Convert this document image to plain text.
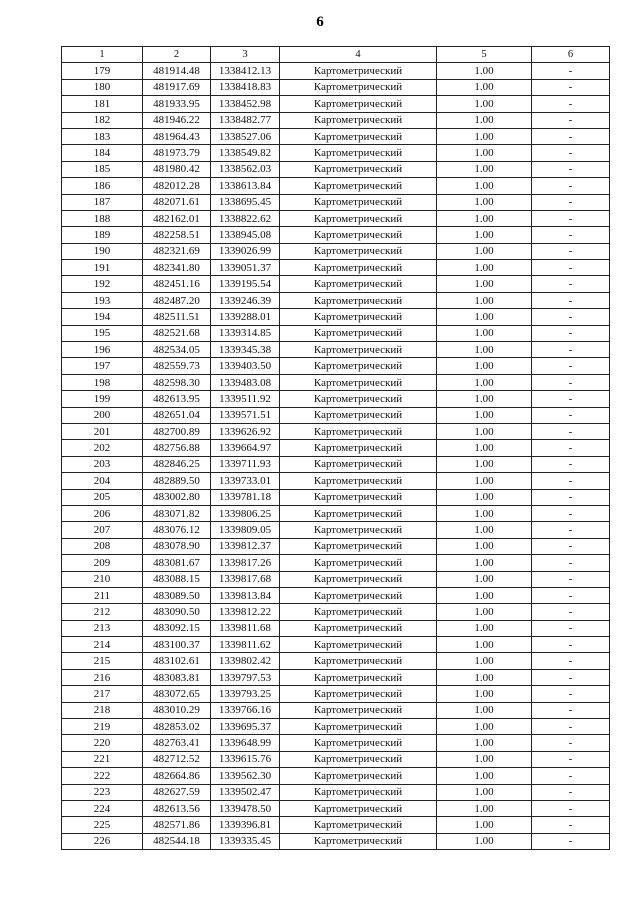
6
1	2	3	4	5	6
179	481914.48	1338412.13	Картометрический	1.00	-
180	481917.69	1338418.83	Картометрический	1.00	-
181	481933.95	1338452.98	Картометрический	1.00	-
182	481946.22	1338482.77	Картометрический	1.00	-
183	481964.43	1338527.06	Картометрический	1.00	-
184	481973.79	1338549.82	Картометрический	1.00	-
185	481980.42	1338562.03	Картометрический	1.00	-
186	482012.28	1338613.84	Картометрический	1.00	-
187	482071.61	1338695.45	Картометрический	1.00	-
188	482162.01	1338822.62	Картометрический	1.00	-
189	482258.51	1338945.08	Картометрический	1.00	-
190	482321.69	1339026.99	Картометрический	1.00	-
191	482341.80	1339051.37	Картометрический	1.00	-
192	482451.16	1339195.54	Картометрический	1.00	-
193	482487.20	1339246.39	Картометрический	1.00	-
194	482511.51	1339288.01	Картометрический	1.00	-
195	482521.68	1339314.85	Картометрический	1.00	-
196	482534.05	1339345.38	Картометрический	1.00	-
197	482559.73	1339403.50	Картометрический	1.00	-
198	482598.30	1339483.08	Картометрический	1.00	-
199	482613.95	1339511.92	Картометрический	1.00	-
200	482651.04	1339571.51	Картометрический	1.00	-
201	482700.89	1339626.92	Картометрический	1.00	-
202	482756.88	1339664.97	Картометрический	1.00	-
203	482846.25	1339711.93	Картометрический	1.00	-
204	482889.50	1339733.01	Картометрический	1.00	-
205	483002.80	1339781.18	Картометрический	1.00	-
206	483071.82	1339806.25	Картометрический	1.00	-
207	483076.12	1339809.05	Картометрический	1.00	-
208	483078.90	1339812.37	Картометрический	1.00	-
209	483081.67	1339817.26	Картометрический	1.00	-
210	483088.15	1339817.68	Картометрический	1.00	-
211	483089.50	1339813.84	Картометрический	1.00	-
212	483090.50	1339812.22	Картометрический	1.00	-
213	483092.15	1339811.68	Картометрический	1.00	-
214	483100.37	1339811.62	Картометрический	1.00	-
215	483102.61	1339802.42	Картометрический	1.00	-
216	483083.81	1339797.53	Картометрический	1.00	-
217	483072.65	1339793.25	Картометрический	1.00	-
218	483010.29	1339766.16	Картометрический	1.00	-
219	482853.02	1339695.37	Картометрический	1.00	-
220	482763.41	1339648.99	Картометрический	1.00	-
221	482712.52	1339615.76	Картометрический	1.00	-
222	482664.86	1339562.30	Картометрический	1.00	-
223	482627.59	1339502.47	Картометрический	1.00	-
224	482613.56	1339478.50	Картометрический	1.00	-
225	482571.86	1339396.81	Картометрический	1.00	-
226	482544.18	1339335.45	Картометрический	1.00	-
